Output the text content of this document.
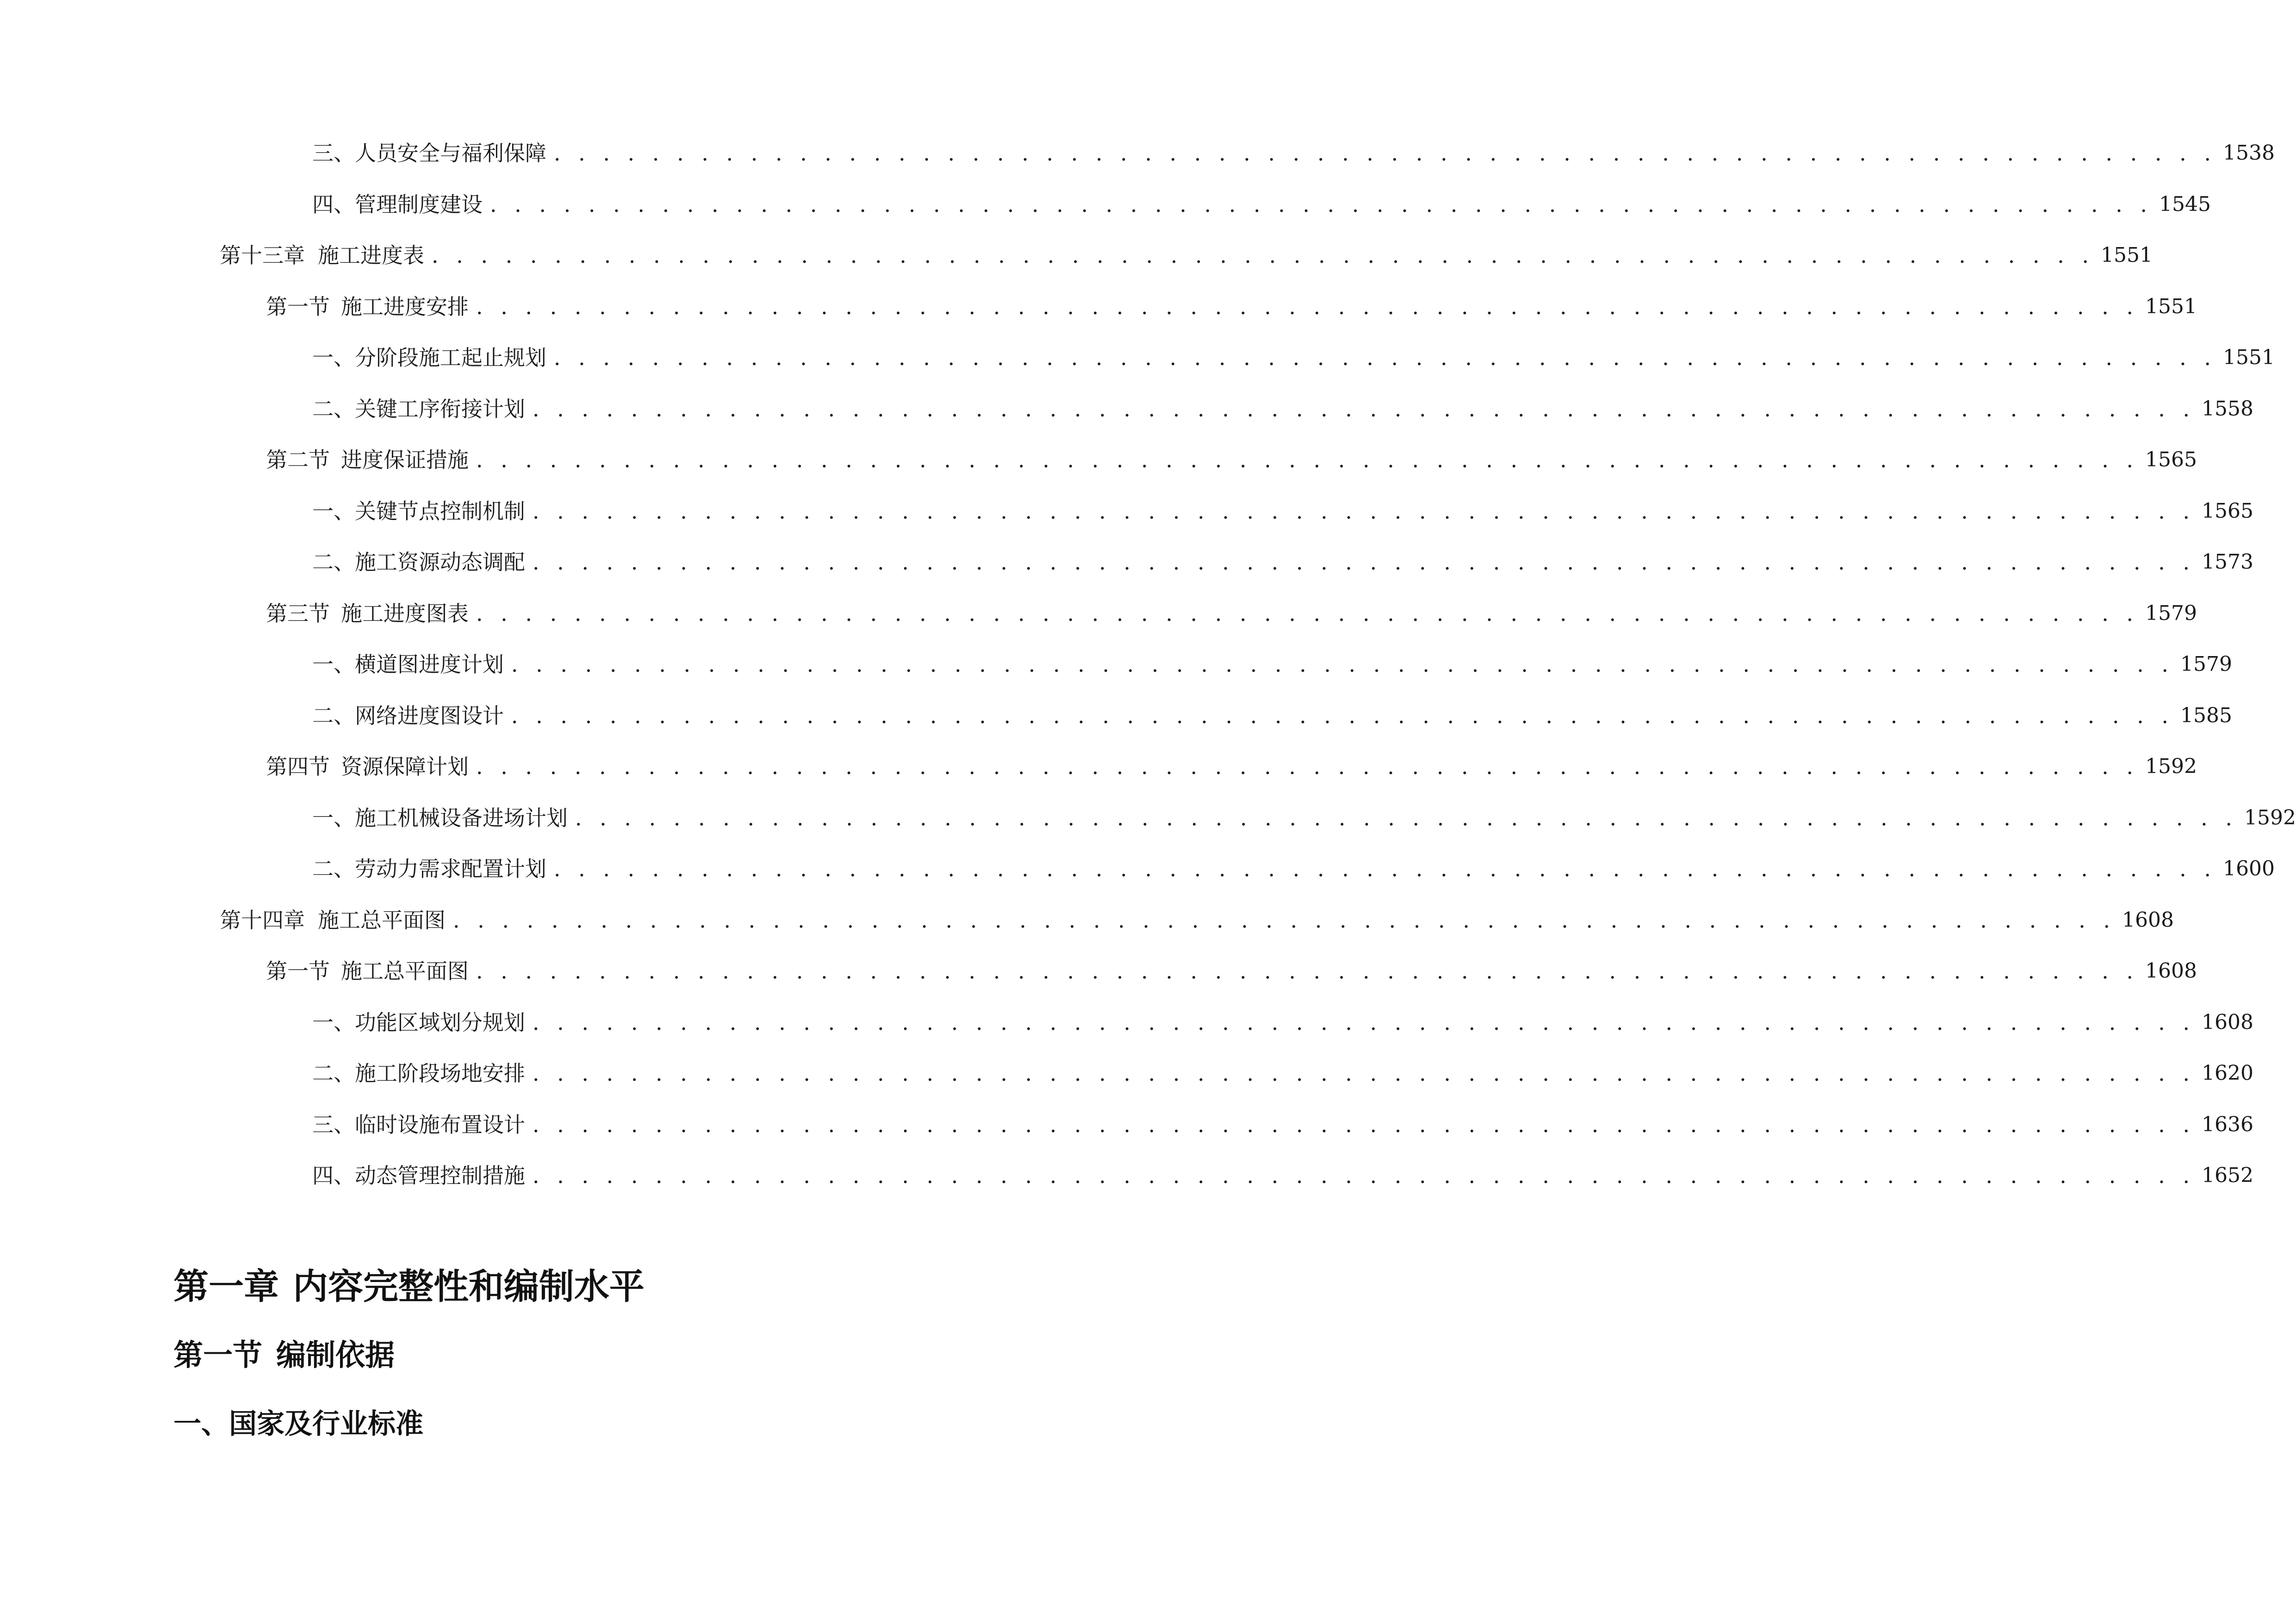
三、 人员安全与福利保障 . . . . . . . . . . . . . . . . . . . . . . . . . . . . . . . . . . . . . . . . . . . . . . . . . . . . . . . . . . . . . . . . . . . . 1538
四、 管理制度建设 . . . . . . . . . . . . . . . . . . . . . . . . . . . . . . . . . . . . . . . . . . . . . . . . . . . . . . . . . . . . . . . . . . . . 1545
第十三章 施工进度表 . . . . . . . . . . . . . . . . . . . . . . . . . . . . . . . . . . . . . . . . . . . . . . . . . . . . . . . . . . . . . . . . . . . . 1551
第一节 施工进度安排 . . . . . . . . . . . . . . . . . . . . . . . . . . . . . . . . . . . . . . . . . . . . . . . . . . . . . . . . . . . . . . . . . . . . 1551
一、 分阶段施工起止规划 . . . . . . . . . . . . . . . . . . . . . . . . . . . . . . . . . . . . . . . . . . . . . . . . . . . . . . . . . . . . . . . . . . . . 1551
二、 关键工序衔接计划 . . . . . . . . . . . . . . . . . . . . . . . . . . . . . . . . . . . . . . . . . . . . . . . . . . . . . . . . . . . . . . . . . . . . 1558
第二节 进度保证措施 . . . . . . . . . . . . . . . . . . . . . . . . . . . . . . . . . . . . . . . . . . . . . . . . . . . . . . . . . . . . . . . . . . . . 1565
一、 关键节点控制机制 . . . . . . . . . . . . . . . . . . . . . . . . . . . . . . . . . . . . . . . . . . . . . . . . . . . . . . . . . . . . . . . . . . . . 1565
二、 施工资源动态调配 . . . . . . . . . . . . . . . . . . . . . . . . . . . . . . . . . . . . . . . . . . . . . . . . . . . . . . . . . . . . . . . . . . . . 1573
第三节 施工进度图表 . . . . . . . . . . . . . . . . . . . . . . . . . . . . . . . . . . . . . . . . . . . . . . . . . . . . . . . . . . . . . . . . . . . . 1579
一、 横道图进度计划 . . . . . . . . . . . . . . . . . . . . . . . . . . . . . . . . . . . . . . . . . . . . . . . . . . . . . . . . . . . . . . . . . . . . 1579
二、 网络进度图设计 . . . . . . . . . . . . . . . . . . . . . . . . . . . . . . . . . . . . . . . . . . . . . . . . . . . . . . . . . . . . . . . . . . . . 1585
第四节 资源保障计划 . . . . . . . . . . . . . . . . . . . . . . . . . . . . . . . . . . . . . . . . . . . . . . . . . . . . . . . . . . . . . . . . . . . . 1592
一、 施工机械设备进场计划 . . . . . . . . . . . . . . . . . . . . . . . . . . . . . . . . . . . . . . . . . . . . . . . . . . . . . . . . . . . . . . . . . . . . 1592
二、 劳动力需求配置计划 . . . . . . . . . . . . . . . . . . . . . . . . . . . . . . . . . . . . . . . . . . . . . . . . . . . . . . . . . . . . . . . . . . . . 1600
第十四章 施工总平面图 . . . . . . . . . . . . . . . . . . . . . . . . . . . . . . . . . . . . . . . . . . . . . . . . . . . . . . . . . . . . . . . . . . . . 1608
第一节 施工总平面图 . . . . . . . . . . . . . . . . . . . . . . . . . . . . . . . . . . . . . . . . . . . . . . . . . . . . . . . . . . . . . . . . . . . . 1608
一、 功能区域划分规划 . . . . . . . . . . . . . . . . . . . . . . . . . . . . . . . . . . . . . . . . . . . . . . . . . . . . . . . . . . . . . . . . . . . . 1608
二、 施工阶段场地安排 . . . . . . . . . . . . . . . . . . . . . . . . . . . . . . . . . . . . . . . . . . . . . . . . . . . . . . . . . . . . . . . . . . . . 1620
三、 临时设施布置设计 . . . . . . . . . . . . . . . . . . . . . . . . . . . . . . . . . . . . . . . . . . . . . . . . . . . . . . . . . . . . . . . . . . . . 1636
四、 动态管理控制措施 . . . . . . . . . . . . . . . . . . . . . . . . . . . . . . . . . . . . . . . . . . . . . . . . . . . . . . . . . . . . . . . . . . . . 1652
第一章 内容完整性和编制水平
第一节 编制依据
一、国家及行业标准
